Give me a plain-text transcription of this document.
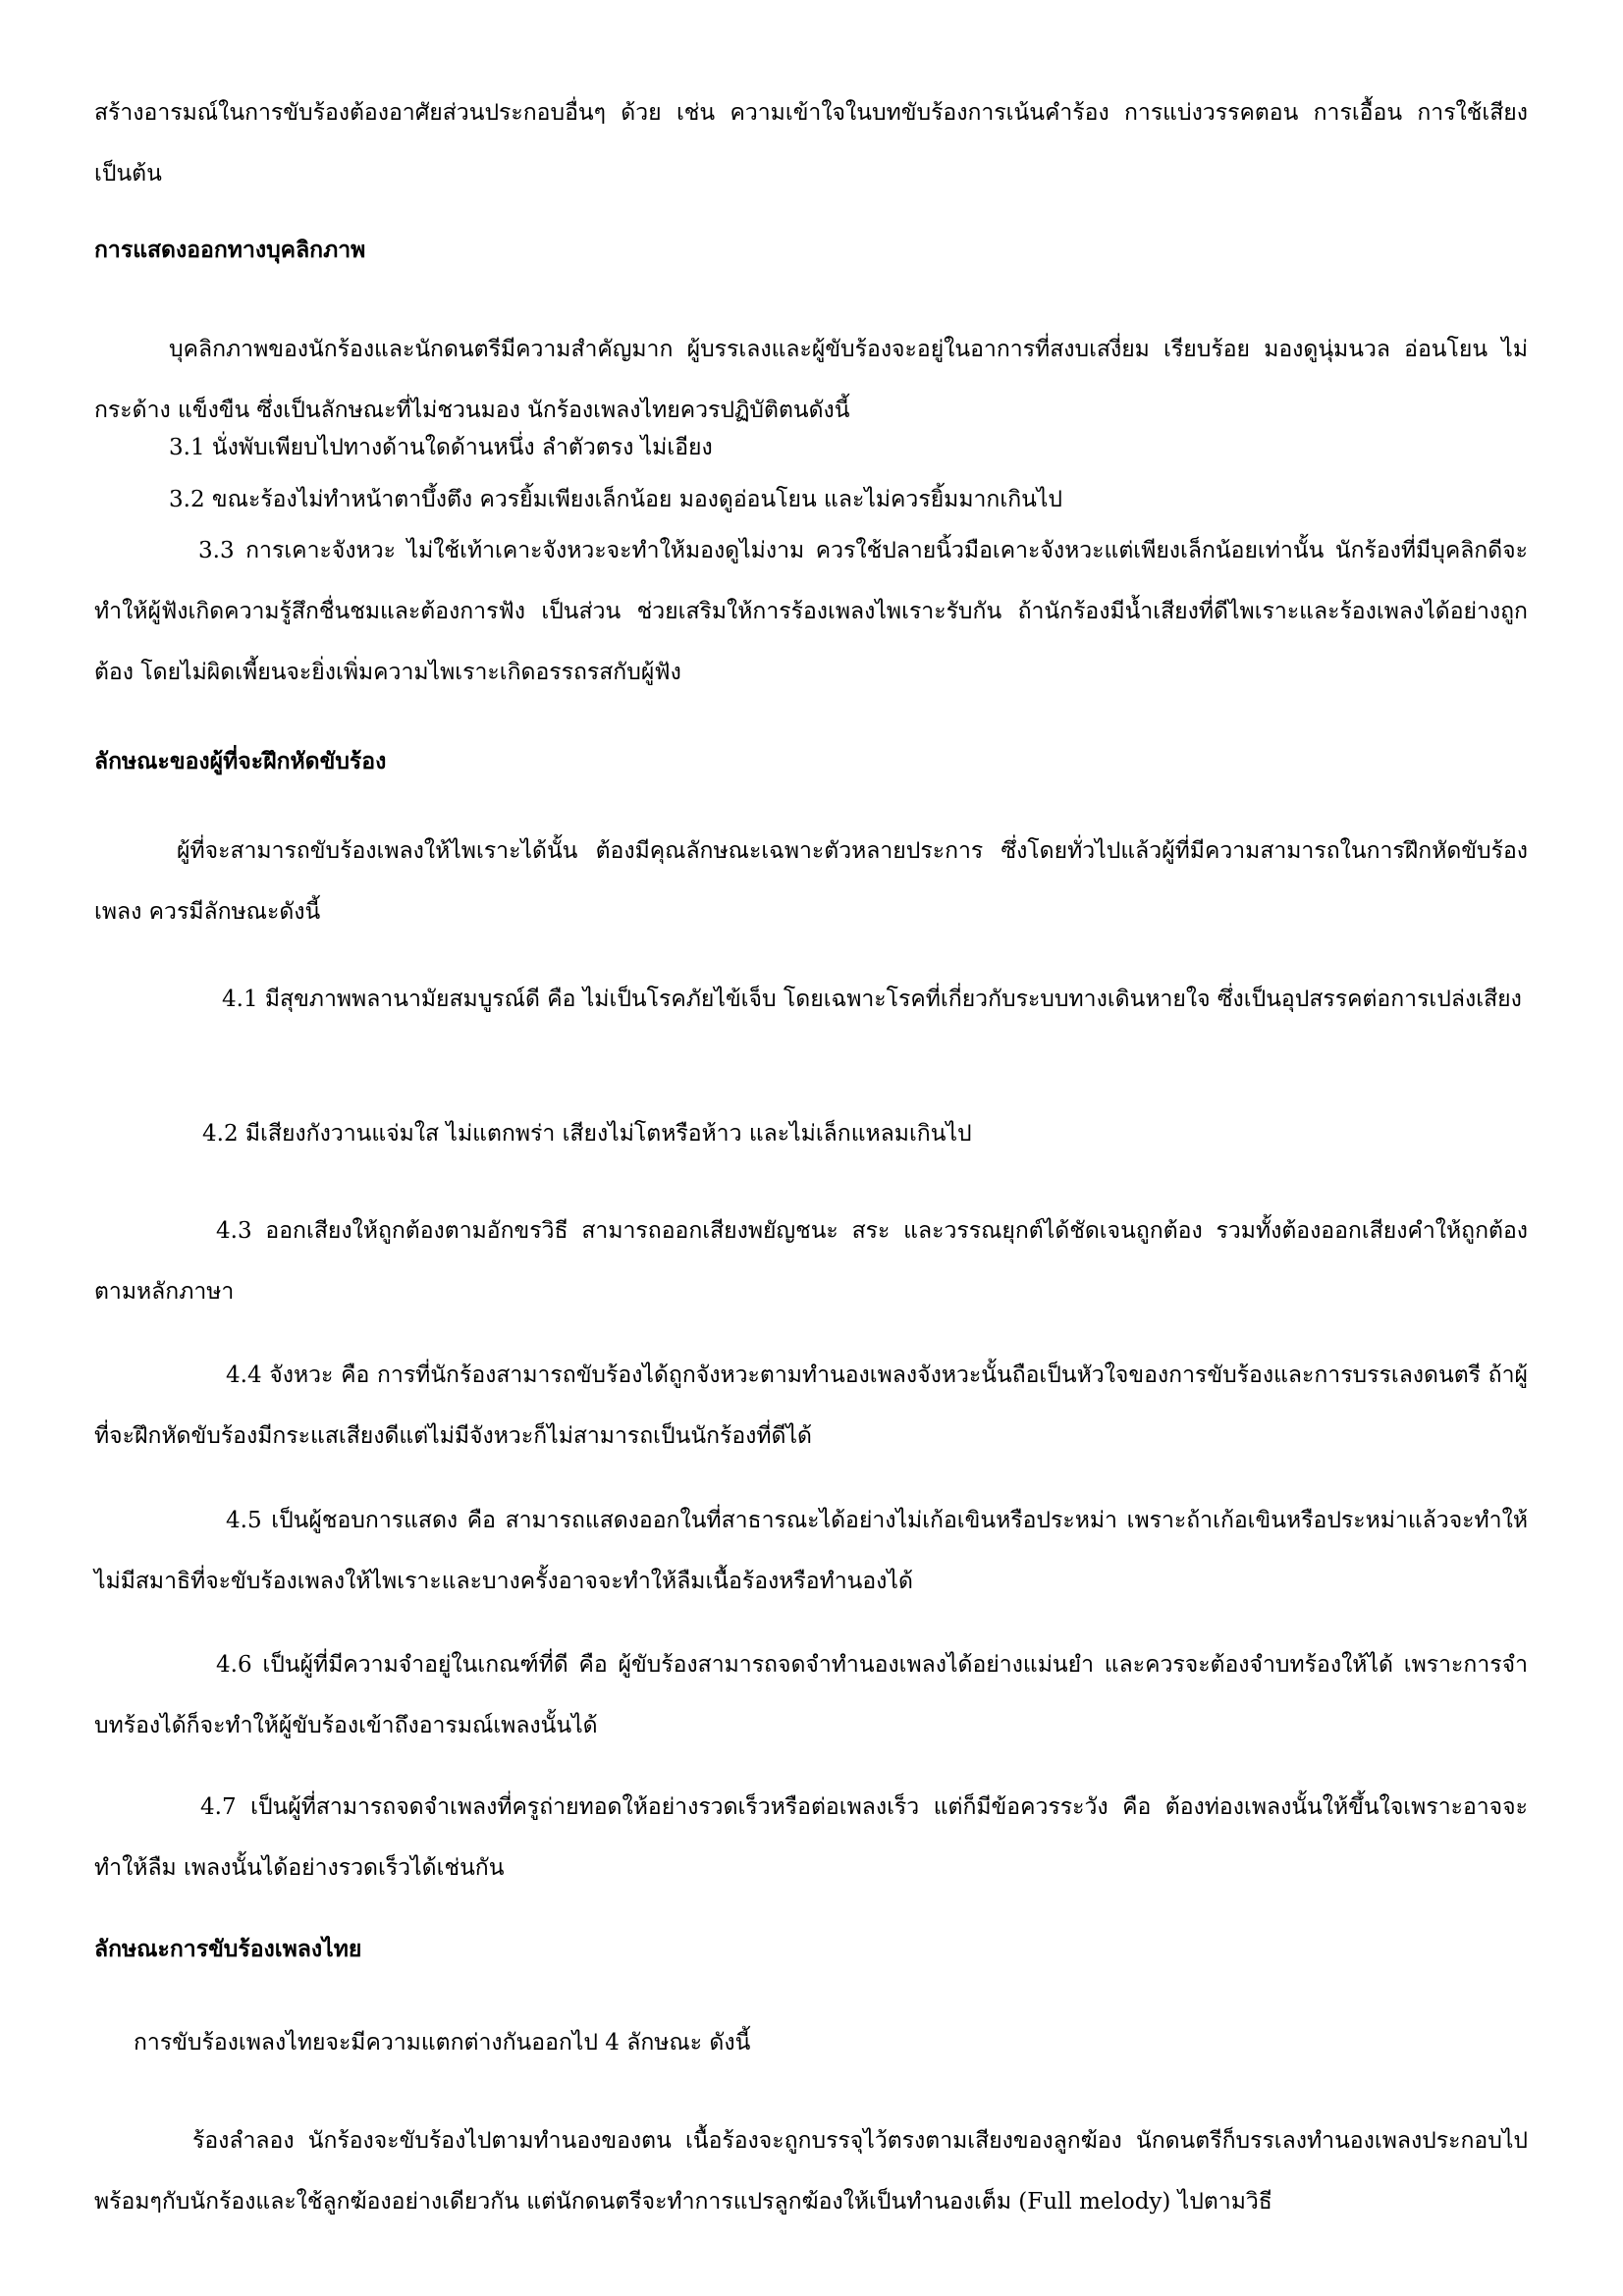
สร้างอารมณ์ในการขับร้องต้องอาศัยส่วนประกอบอื่นๆ ด้วย เช่น ความเข้าใจในบทขับร้องการเน้นคำร้อง การแบ่งวรรคตอน การเอื้อน การใช้เสียง เป็นต้น

การแสดงออกทางบุคลิกภาพ

บุคลิกภาพของนักร้องและนักดนตรีมีความสำคัญมาก ผู้บรรเลงและผู้ขับร้องจะอยู่ในอาการที่สงบเสงี่ยม เรียบร้อย มองดูนุ่มนวล อ่อนโยน ไม่กระด้าง แข็งขืน ซึ่งเป็นลักษณะที่ไม่ชวนมอง นักร้องเพลงไทยควรปฏิบัติตนดังนี้

3.1 นั่งพับเพียบไปทางด้านใดด้านหนึ่ง ลำตัวตรง ไม่เอียง

3.2 ขณะร้องไม่ทำหน้าตาบึ้งตึง ควรยิ้มเพียงเล็กน้อย มองดูอ่อนโยน และไม่ควรยิ้มมากเกินไป

3.3 การเคาะจังหวะ ไม่ใช้เท้าเคาะจังหวะจะทำให้มองดูไม่งาม ควรใช้ปลายนิ้วมือเคาะจังหวะแต่เพียงเล็กน้อยเท่านั้น นักร้องที่มีบุคลิกดีจะทำให้ผู้ฟังเกิดความรู้สึกชื่นชมและต้องการฟัง เป็นส่วน ช่วยเสริมให้การร้องเพลงไพเราะรับกัน ถ้านักร้องมีน้ำเสียงที่ดีไพเราะและร้องเพลงได้อย่างถูกต้อง โดยไม่ผิดเพี้ยนจะยิ่งเพิ่มความไพเราะเกิดอรรถรสกับผู้ฟัง

ลักษณะของผู้ที่จะฝึกหัดขับร้อง

ผู้ที่จะสามารถขับร้องเพลงให้ไพเราะได้นั้น ต้องมีคุณลักษณะเฉพาะตัวหลายประการ ซึ่งโดยทั่วไปแล้วผู้ที่มีความสามารถในการฝึกหัดขับร้องเพลง ควรมีลักษณะดังนี้

4.1 มีสุขภาพพลานามัยสมบูรณ์ดี คือ ไม่เป็นโรคภัยไข้เจ็บ โดยเฉพาะโรคที่เกี่ยวกับระบบทางเดินหายใจ ซึ่งเป็นอุปสรรคต่อการเปล่งเสียง

4.2 มีเสียงกังวานแจ่มใส ไม่แตกพร่า เสียงไม่โตหรือห้าว และไม่เล็กแหลมเกินไป

4.3 ออกเสียงให้ถูกต้องตามอักขรวิธี สามารถออกเสียงพยัญชนะ สระ และวรรณยุกต์ได้ชัดเจนถูกต้อง รวมทั้งต้องออกเสียงคำให้ถูกต้องตามหลักภาษา

4.4 จังหวะ คือ การที่นักร้องสามารถขับร้องได้ถูกจังหวะตามทำนองเพลงจังหวะนั้นถือเป็นหัวใจของการขับร้องและการบรรเลงดนตรี ถ้าผู้ที่จะฝึกหัดขับร้องมีกระแสเสียงดีแต่ไม่มีจังหวะก็ไม่สามารถเป็นนักร้องที่ดีได้

4.5 เป็นผู้ชอบการแสดง คือ สามารถแสดงออกในที่สาธารณะได้อย่างไม่เก้อเขินหรือประหม่า เพราะถ้าเก้อเขินหรือประหม่าแล้วจะทำให้ไม่มีสมาธิที่จะขับร้องเพลงให้ไพเราะและบางครั้งอาจจะทำให้ลืมเนื้อร้องหรือทำนองได้

4.6 เป็นผู้ที่มีความจำอยู่ในเกณฑ์ที่ดี คือ ผู้ขับร้องสามารถจดจำทำนองเพลงได้อย่างแม่นยำ และควรจะต้องจำบทร้องให้ได้ เพราะการจำบทร้องได้ก็จะทำให้ผู้ขับร้องเข้าถึงอารมณ์เพลงนั้นได้

4.7 เป็นผู้ที่สามารถจดจำเพลงที่ครูถ่ายทอดให้อย่างรวดเร็วหรือต่อเพลงเร็ว แต่ก็มีข้อควรระวัง คือ ต้องท่องเพลงนั้นให้ขึ้นใจเพราะอาจจะทำให้ลืม เพลงนั้นได้อย่างรวดเร็วได้เช่นกัน

ลักษณะการขับร้องเพลงไทย

การขับร้องเพลงไทยจะมีความแตกต่างกันออกไป 4 ลักษณะ ดังนี้

ร้องลำลอง นักร้องจะขับร้องไปตามทำนองของตน เนื้อร้องจะถูกบรรจุไว้ตรงตามเสียงของลูกฆ้อง นักดนตรีก็บรรเลงทำนองเพลงประกอบไปพร้อมๆกับนักร้องและใช้ลูกฆ้องอย่างเดียวกัน แต่นักดนตรีจะทำการแปรลูกฆ้องให้เป็นทำนองเต็ม (Full melody) ไปตามวิธี
